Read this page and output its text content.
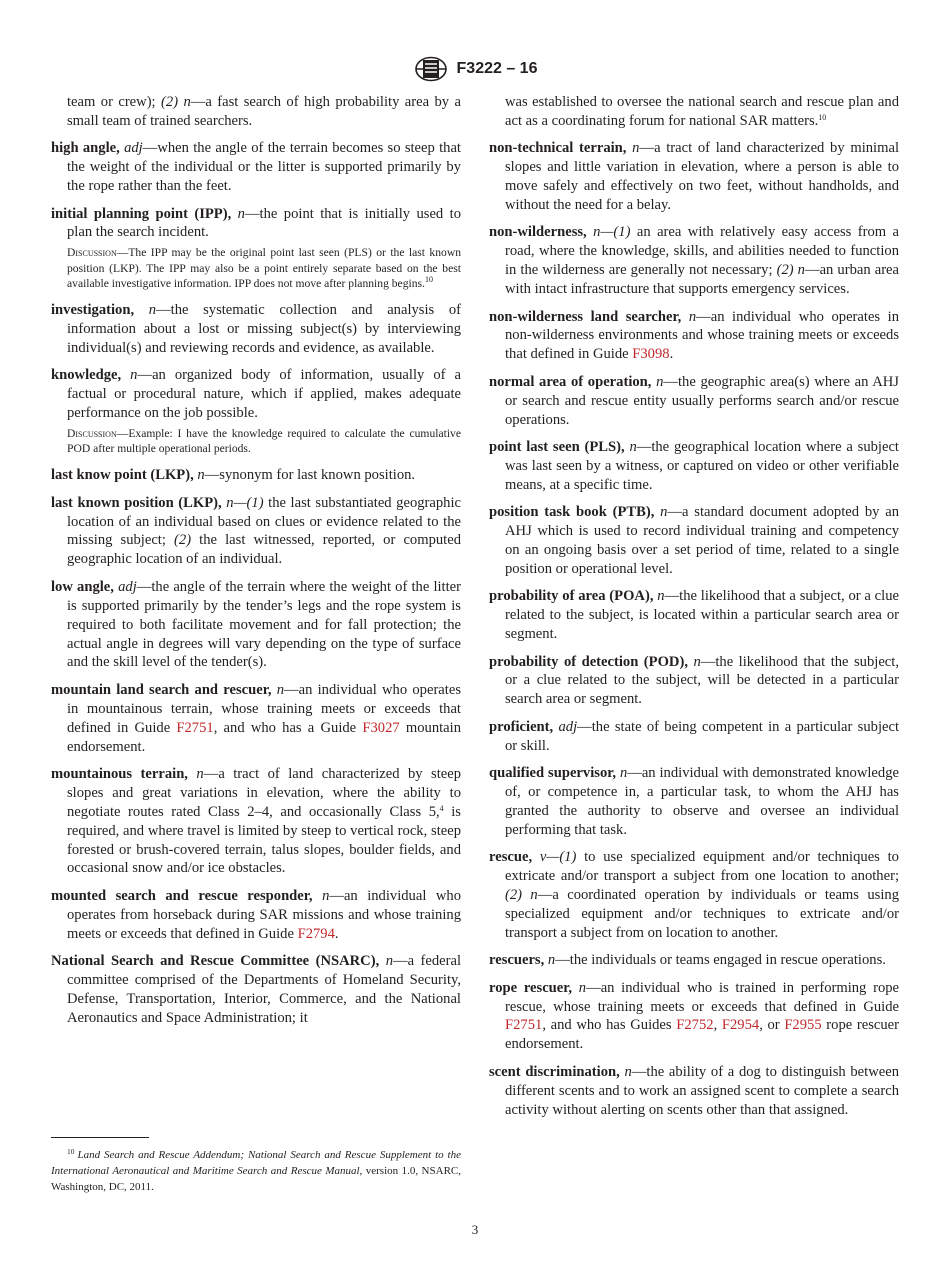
F3222 – 16

team or crew); (2) n—a fast search of high probability area by a small team of trained searchers.

high angle, adj—when the angle of the terrain becomes so steep that the weight of the individual or the litter is supported primarily by the rope rather than the feet.

initial planning point (IPP), n—the point that is initially used to plan the search incident.

Discussion—The IPP may be the original point last seen (PLS) or the last known position (LKP). The IPP may also be a point entirely separate based on the best available investigative information. IPP does not move after planning begins.$^{10}$

investigation, n—the systematic collection and analysis of information about a lost or missing subject(s) by interviewing individual(s) and reviewing records and evidence, as available.

knowledge, n—an organized body of information, usually of a factual or procedural nature, which if applied, makes adequate performance on the job possible.

Discussion—Example: I have the knowledge required to calculate the cumulative POD after multiple operational periods.

last know point (LKP), n—synonym for last known position.

last known position (LKP), n—(1) the last substantiated geographic location of an individual based on clues or evidence related to the missing subject; (2) the last witnessed, reported, or computed geographic location of an individual.

low angle, adj—the angle of the terrain where the weight of the litter is supported primarily by the tender’s legs and the rope system is required to both facilitate movement and for fall protection; the actual angle in degrees will vary depending on the type of surface and the skill level of the tender(s).

mountain land search and rescuer, n—an individual who operates in mountainous terrain, whose training meets or exceeds that defined in Guide F2751, and who has a Guide F3027 mountain endorsement.

mountainous terrain, n—a tract of land characterized by steep slopes and great variations in elevation, where the ability to negotiate routes rated Class 2–4, and occasionally Class 5,$^4$ is required, and where travel is limited by steep to vertical rock, steep forested or brush-covered terrain, talus slopes, boulder fields, and occasional snow and/or ice obstacles.

mounted search and rescue responder, n—an individual who operates from horseback during SAR missions and whose training meets or exceeds that defined in Guide F2794.

National Search and Rescue Committee (NSARC), n—a federal committee comprised of the Departments of Homeland Security, Defense, Transportation, Interior, Commerce, and the National Aeronautics and Space Administration; it

was established to oversee the national search and rescue plan and act as a coordinating forum for national SAR matters.$^{10}$

non-technical terrain, n—a tract of land characterized by minimal slopes and little variation in elevation, where a person is able to move safely and effectively on two feet, without handholds, and without the need for a belay.

non-wilderness, n—(1) an area with relatively easy access from a road, where the knowledge, skills, and abilities needed to function in the wilderness are generally not necessary; (2) n—an urban area with intact infrastructure that supports emergency services.

non-wilderness land searcher, n—an individual who operates in non-wilderness environments and whose training meets or exceeds that defined in Guide F3098.

normal area of operation, n—the geographic area(s) where an AHJ or search and rescue entity usually performs search and/or rescue operations.

point last seen (PLS), n—the geographical location where a subject was last seen by a witness, or captured on video or other verifiable means, at a specific time.

position task book (PTB), n—a standard document adopted by an AHJ which is used to record individual training and competency on an ongoing basis over a set period of time, related to a single position or operational level.

probability of area (POA), n—the likelihood that a subject, or a clue related to the subject, is located within a particular search area or segment.

probability of detection (POD), n—the likelihood that the subject, or a clue related to the subject, will be detected in a particular search area or segment.

proficient, adj—the state of being competent in a particular subject or skill.

qualified supervisor, n—an individual with demonstrated knowledge of, or competence in, a particular task, to whom the AHJ has granted the authority to observe and oversee an individual performing that task.

rescue, v—(1) to use specialized equipment and/or techniques to extricate and/or transport a subject from one location to another; (2) n—a coordinated operation by individuals or teams using specialized equipment and/or techniques to extricate and/or transport a subject from on location to another.

rescuers, n—the individuals or teams engaged in rescue operations.

rope rescuer, n—an individual who is trained in performing rope rescue, whose training meets or exceeds that defined in Guide F2751, and who has Guides F2752, F2954, or F2955 rope rescuer endorsement.

scent discrimination, n—the ability of a dog to distinguish between different scents and to work an assigned scent to complete a search activity without alerting on scents other than that assigned.

$^{10}$ Land Search and Rescue Addendum; National Search and Rescue Supplement to the International Aeronautical and Maritime Search and Rescue Manual, version 1.0, NSARC, Washington, DC, 2011.
3
